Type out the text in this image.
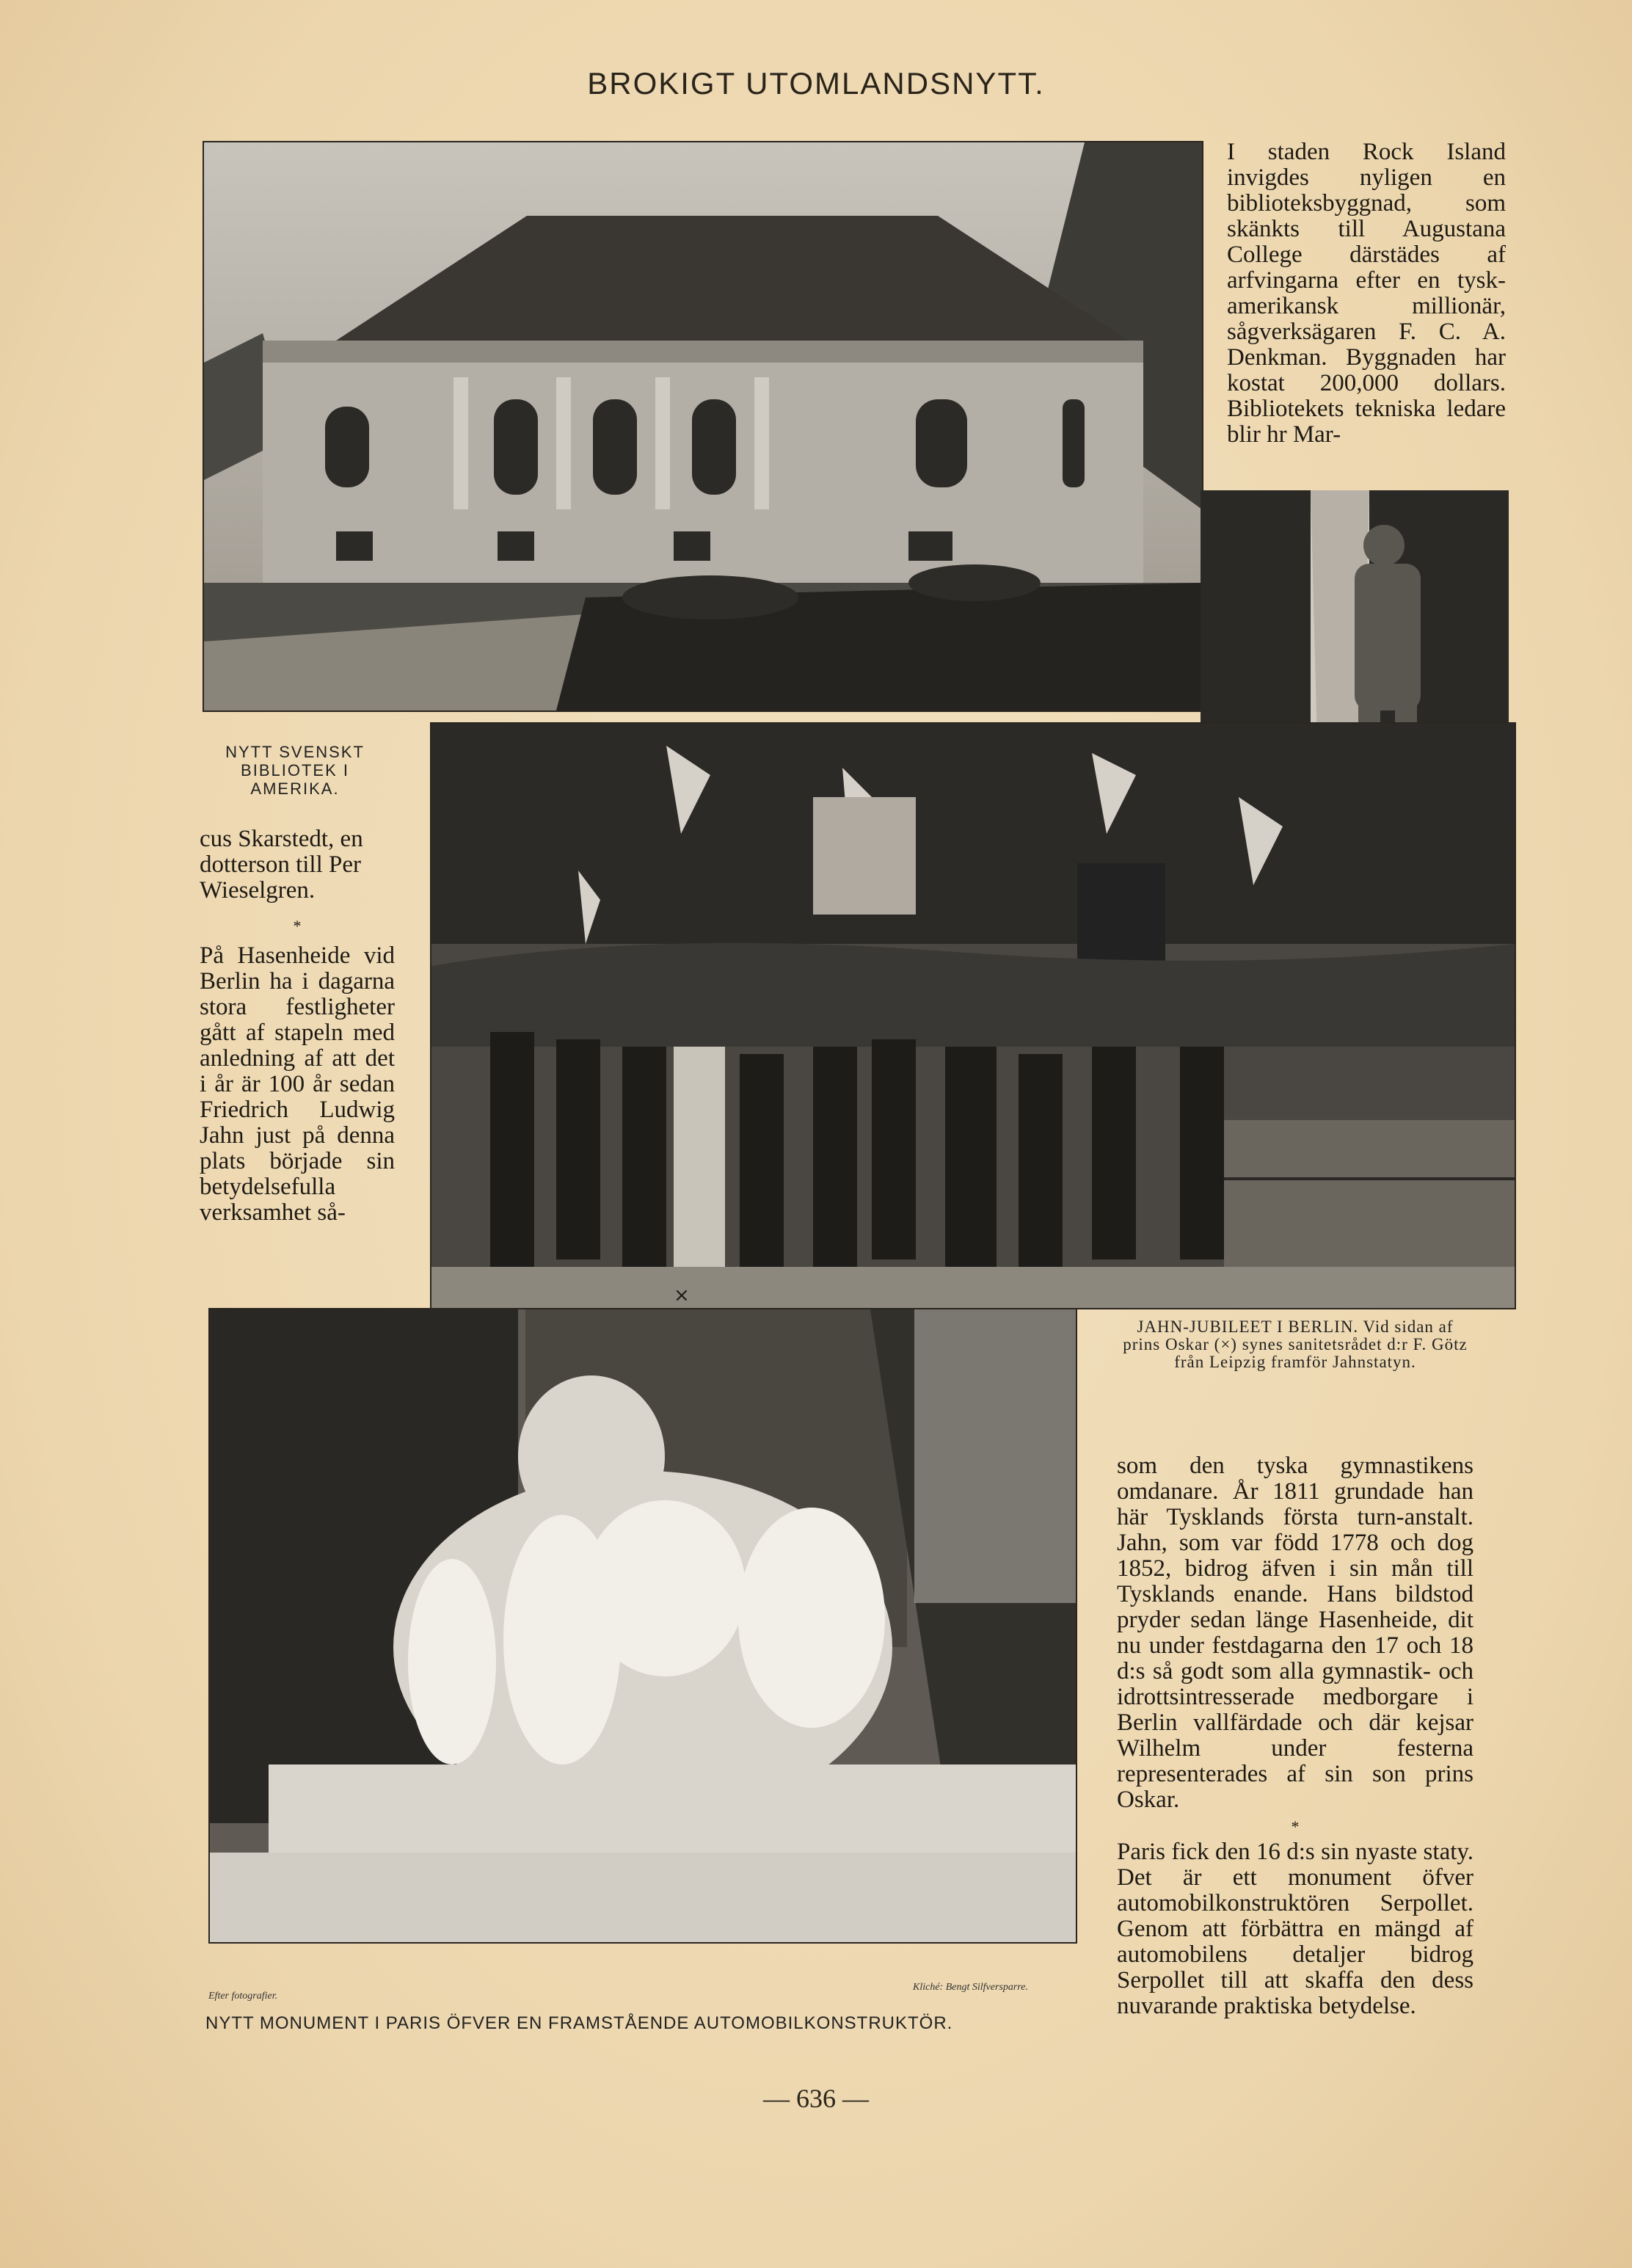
BROKIGT UTOMLANDSNYTT.

I staden Rock Island invigdes nyligen en biblioteksbyggnad, som skänkts till Augustana College därstädes af arfvingarna efter en tysk-amerikansk millionär, sågverksägaren F. C. A. Denkman. Byggnaden har kostat 200,000 dollars. Bibliotekets tekniska ledare blir hr Mar-

NYTT SVENSKT BIBLIOTEK I AMERIKA.

cus Skarstedt, en dotterson till Per Wieselgren.

*

På Hasenheide vid Berlin ha i dagarna stora festligheter gått af stapeln med anledning af att det i år är 100 år sedan Friedrich Ludwig Jahn just på denna plats började sin betydelsefulla verksamhet så-

×
JAHN-JUBILEET I BERLIN. Vid sidan af prins Oskar (×) synes sanitetsrådet d:r F. Götz från Leipzig framför Jahnstatyn.

som den tyska gymnastikens omdanare. År 1811 grundade han här Tysklands första turn-anstalt. Jahn, som var född 1778 och dog 1852, bidrog äfven i sin mån till Tysklands enande. Hans bildstod pryder sedan länge Hasenheide, dit nu under festdagarna den 17 och 18 d:s så godt som alla gymnastik- och idrottsintresserade medborgare i Berlin vallfärdade och där kejsar Wilhelm under festerna representerades af sin son prins Oskar.

*

Paris fick den 16 d:s sin nyaste staty. Det är ett monument öfver automobilkonstruktören Serpollet. Genom att förbättra en mängd af automobilens detaljer bidrog Serpollet till att skaffa den dess nuvarande praktiska betydelse.

Efter fotografier.
Kliché: Bengt Silfversparre.
NYTT MONUMENT I PARIS ÖFVER EN FRAMSTÅENDE AUTOMOBILKONSTRUKTÖR.
— 636 —
